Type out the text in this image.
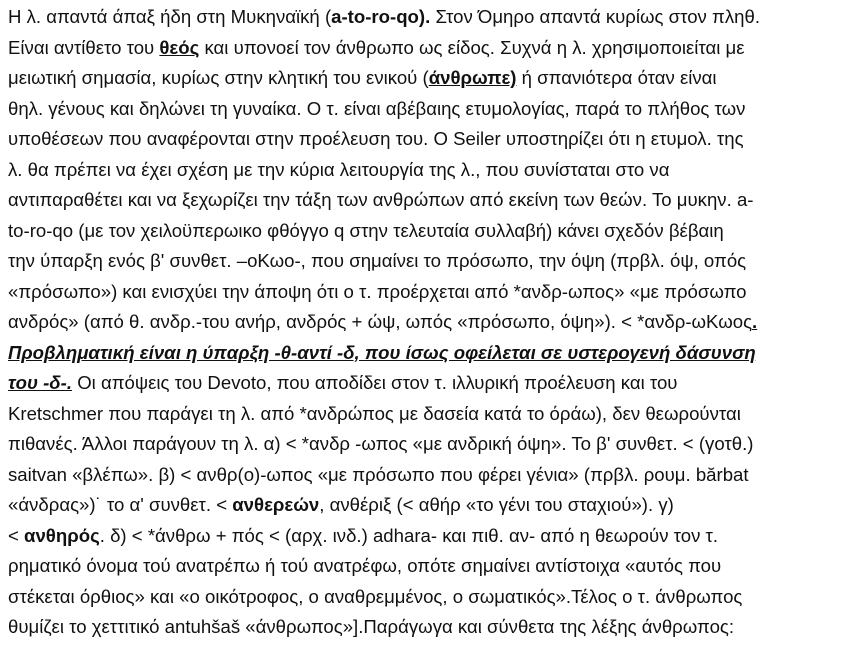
Η λ. απαντά άπαξ ήδη στη Μυκηναϊκή (a-to-ro-qo). Στον Όμηρο απαντά κυρίως στον πληθ.
Είναι αντίθετο του θεός και υπονοεί τον άνθρωπο ως είδος. Συχνά η λ. χρησιμοποιείται με
μειωτική σημασία, κυρίως στην κλητική του ενικού (άνθρωπε) ή σπανιότερα όταν είναι
θηλ. γένους και δηλώνει τη γυναίκα. Ο τ. είναι αβέβαιης ετυμολογίας, παρά το πλήθος των
υποθέσεων που αναφέρονται στην προέλευση του. Ο Seiler υποστηρίζει ότι η ετυμολ. της
λ. θα πρέπει να έχει σχέση με την κύρια λειτουργία της λ., που συνίσταται στο να
αντιπαραθέτει και να ξεχωρίζει την τάξη των ανθρώπων από εκείνη των θεών. Το μυκην. a-
to-ro-qo (με τον χειλοϋπερωικο φθόγγο q στην τελευταία συλλαβή) κάνει σχεδόν βέβαιη
την ύπαρξη ενός β' συνθετ. –οΚωο-, που σημαίνει το πρόσωπο, την όψη (πρβλ. όψ, οπός
«πρόσωπο») και ενισχύει την άποψη ότι ο τ. προέρχεται από *ανδρ-ωπος» «με πρόσωπο
ανδρός» (από θ. ανδρ.-του ανήρ, ανδρός + ώψ, ωπός «πρόσωπο, όψη»). < *ανδρ-ωΚωος.
Προβληματική είναι η ύπαρξη -θ-αντί -δ, που ίσως οφείλεται σε υστερογενή δάσυνση
του -δ-. Οι απόψεις του Devoto, που αποδίδει στον τ. ιλλυρική προέλευση και του
Kretschmer που παράγει τη λ. από *ανδρώπος με δασεία κατά το όράω), δεν θεωρούνται
πιθανές. Άλλοι παράγουν τη λ. α) < *ανδρ -ωπος «με ανδρική όψη». Το β' συνθετ. < (γοτθ.)
saitvan «βλέπω». β) < ανθρ(ο)-ωπος «με πρόσωπο που φέρει γένια» (πρβλ. ρουμ. bărbat
«άνδρας»)˙ το α' συνθετ. < ανθερεών, ανθέριξ (< αθήρ «το γένι του σταχιού»). γ)
< ανθηρός. δ) < *άνθρω + πός < (αρχ. ινδ.) adhara- και πιθ. αν- από η θεωρούν τον τ.
ρηματικό όνομα τού ανατρέπω ή τού ανατρέφω, οπότε σημαίνει αντίστοιχα «αυτός που
στέκεται όρθιος» και «ο οικότροφος, ο αναθρεμμένος, ο σωματικός».Τέλος ο τ. άνθρωπος
θυμίζει το χεττιτικό antuhšaš «άνθρωπος»].Παράγωγα και σύνθετα της λέξης άνθρωπος:
